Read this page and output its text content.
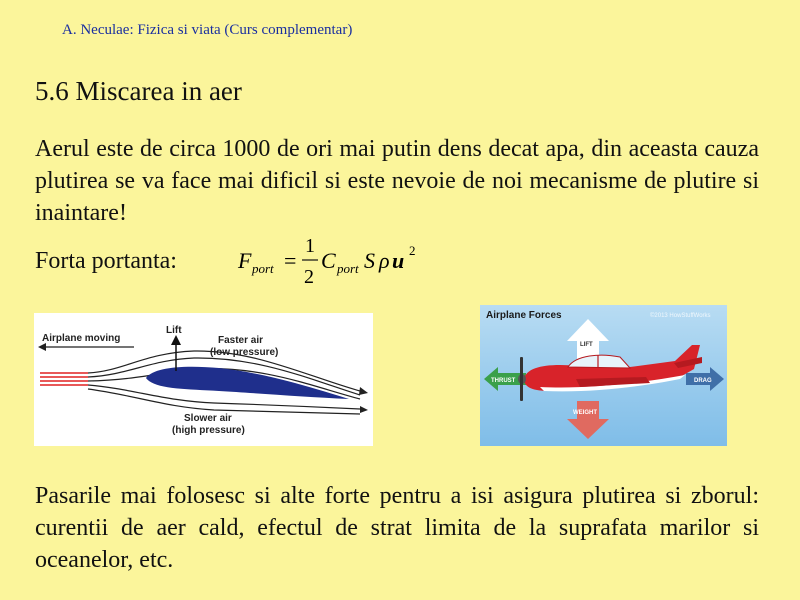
A. Neculae: Fizica si viata (Curs complementar)
5.6 Miscarea in aer
Aerul este de circa 1000 de ori mai putin dens decat apa, din aceasta cauza plutirea se va face mai dificil si este nevoie de noi mecanisme de plutire si inaintare!
Forta portanta:	F port =
1
2
C port S ρ u 2
Airplane moving
Lift
Faster air
(low pressure)
Slower air
(high pressure)
Airplane Forces	©2013 HowStuffWorks
LIFT
WEIGHT
THRUST	DRAG
Pasarile mai folosesc si alte forte pentru a isi asigura plutirea si zborul: curentii de aer cald, efectul de strat limita de la suprafata marilor si oceanelor, etc.
